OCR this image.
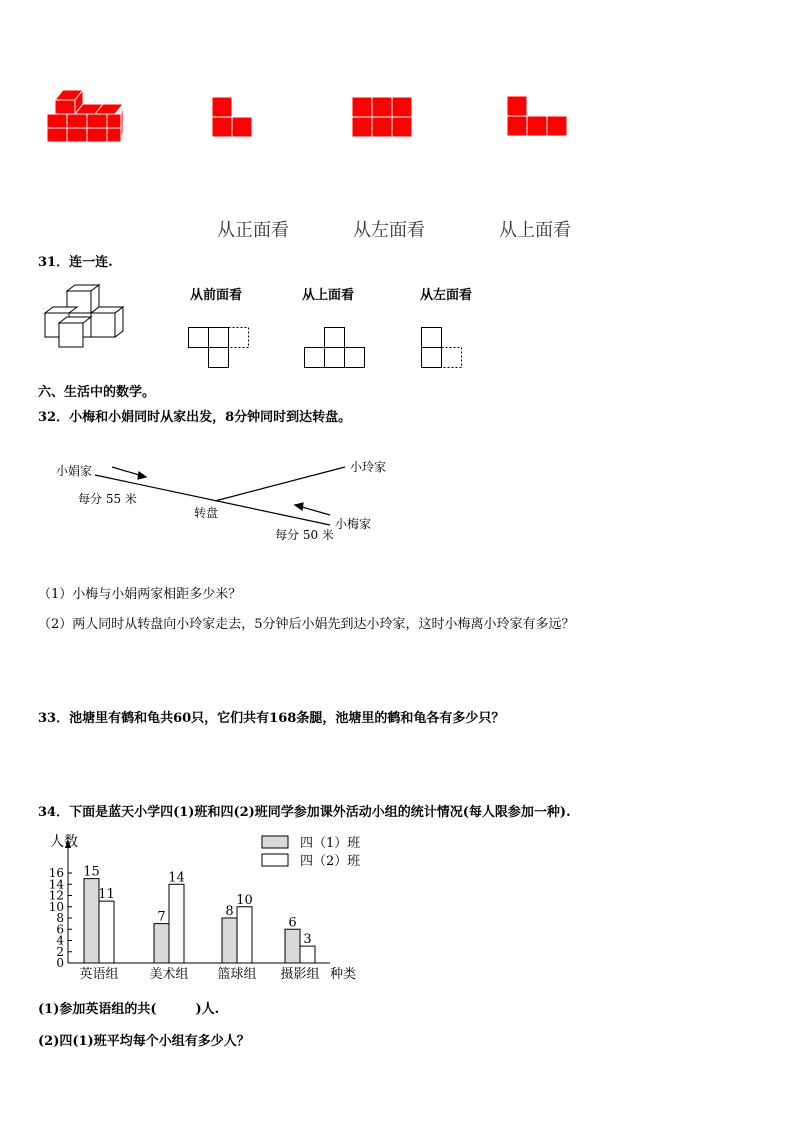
从正面看	从左面看	从上面看
31．连一连.
从前面看	从上面看	从左面看
六、生活中的数学。
32．小梅和小娟同时从家出发，8分钟同时到达转盘。
小娟家	小玲家
小梅家
转盘
每分 55 米
每分 50 米
（1）小梅与小娟两家相距多少米？
（2）两人同时从转盘向小玲家走去，5分钟后小娟先到达小玲家，这时小梅离小玲家有多远？
33．池塘里有鹤和龟共60只，它们共有168条腿，池塘里的鹤和龟各有多少只？
34．下面是蓝天小学四(1)班和四(2)班同学参加课外活动小组的统计情况(每人限参加一种).
人数
0
2
4
6
8
10
12
14
16 15
11
英语组
7
14
美术组
8
10
篮球组
6
3
摄影组 种类
四（1）班
四（2）班
(1)参加英语组的共(　　　)人.
(2)四(1)班平均每个小组有多少人？
